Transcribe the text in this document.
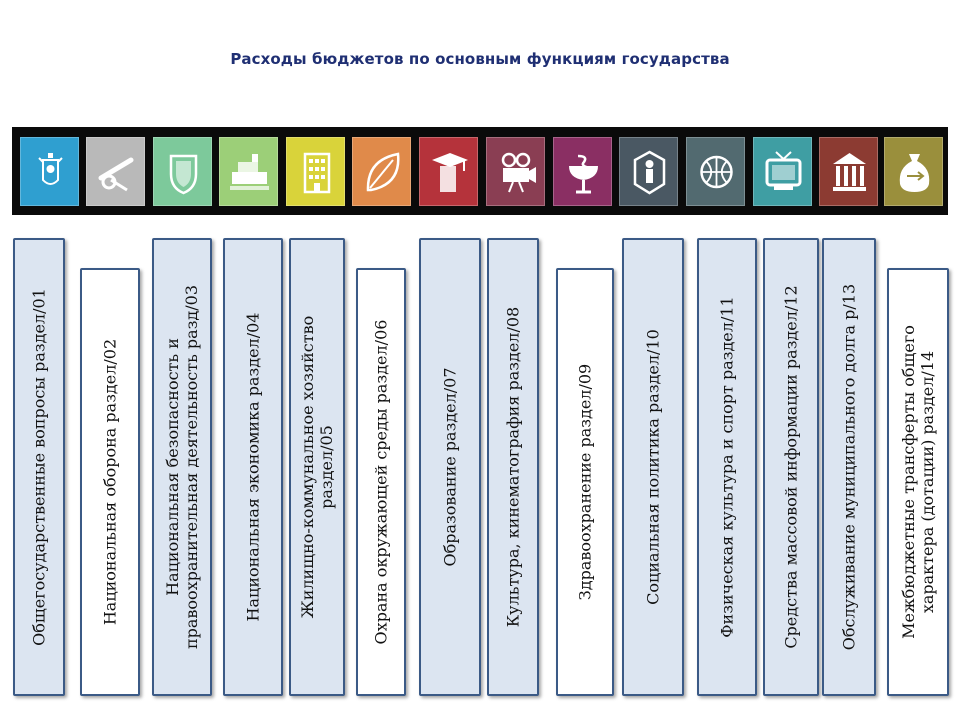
Расходы бюджетов по основным функциям государства
Общегосударственные вопросы раздел/01	Национальная оборона раздел/02	Национальная безопасность и правоохранительная деятельность разд/03	Национальная экономика раздел/04 Жилищно-коммунальное хозяйство раздел/05 Охрана окружающей среды раздел/06	Образование раздел/07	Культура, кинематография раздел/08	Здравоохранение раздел/09	Социальная политика раздел/10	Физическая культура и спорт раздел/11	Средства массовой информации раздел/12 Обслуживание муниципального долга р/13	Межбюджетные трансферты общего характера (дотации) раздел/14
